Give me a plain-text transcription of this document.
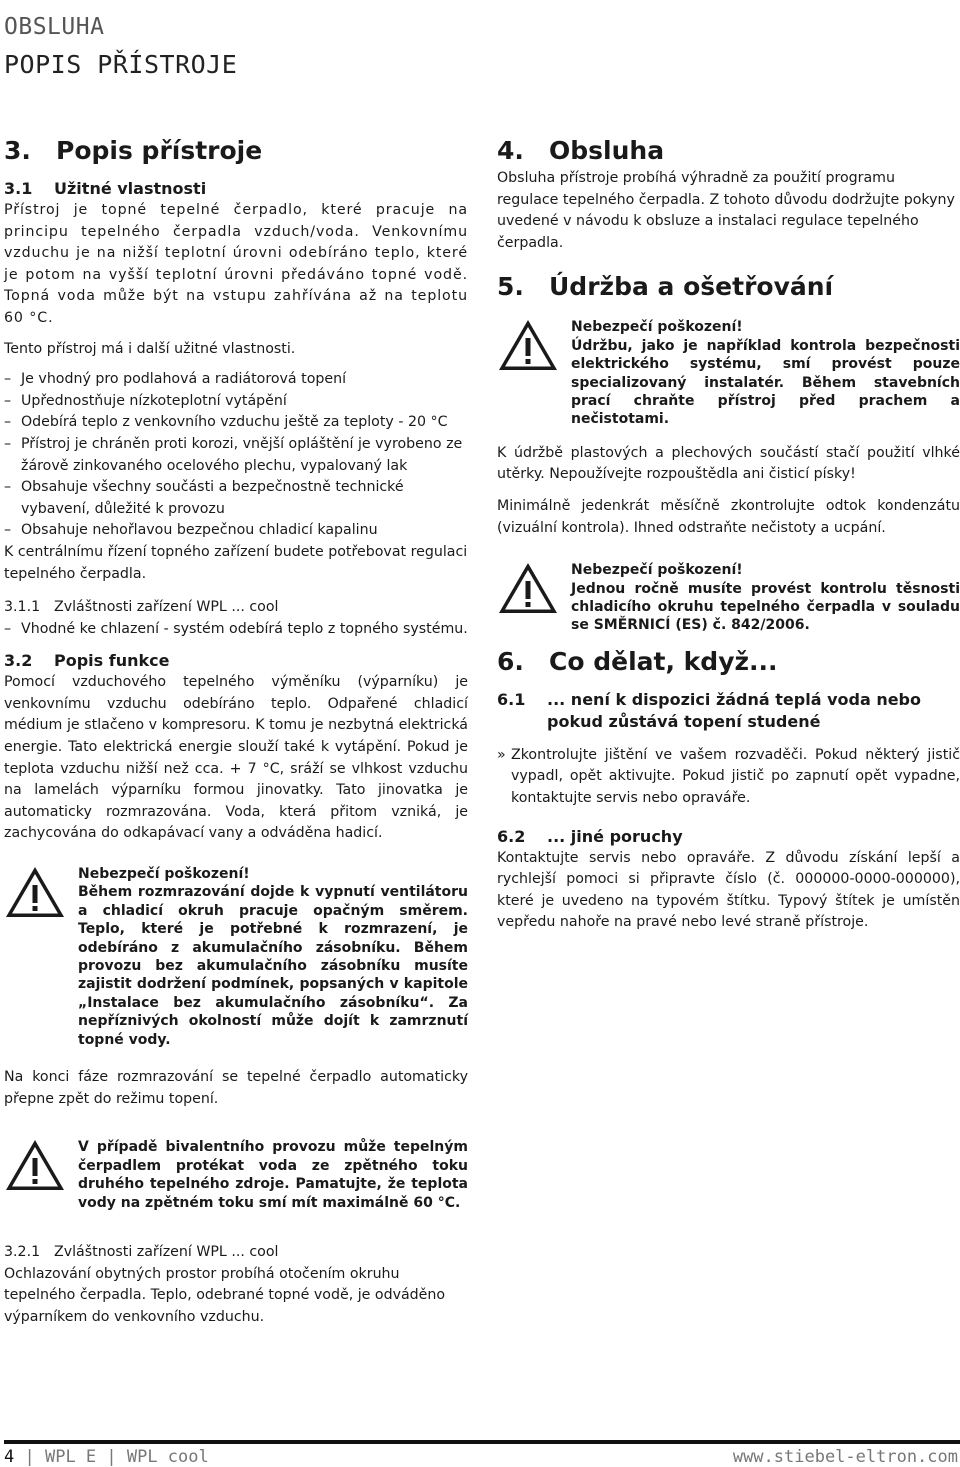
OBSLUHA
POPIS PŘÍSTROJE
3.	Popis přístroje
3.1	Užitné vlastnosti

Přístroj je topné tepelné čerpadlo, které pracuje na principu tepelného čerpadla vzduch/voda. Venkovnímu vzduchu je na nižší teplotní úrovni odebíráno teplo, které je potom na vyšší teplotní úrovni předáváno topné vodě. Topná voda může být na vstupu zahřívána až na teplotu 60 °C.

Tento přístroj má i další užitné vlastnosti.

– Je vhodný pro podlahová a radiátorová topení
– Upřednostňuje nízkoteplotní vytápění
– Odebírá teplo z venkovního vzduchu ještě za teploty - 20 °C
– Přístroj je chráněn proti korozi, vnější opláštění je vyrobeno ze žárově zinkovaného ocelového plechu, vypalovaný lak
– Obsahuje všechny součásti a bezpečnostně technické vybavení, důležité k provozu
– Obsahuje nehořlavou bezpečnou chladicí kapalinu

K centrálnímu řízení topného zařízení budete potřebovat regulaci tepelného čerpadla.

3.1.1 Zvláštnosti zařízení WPL ... cool
– Vhodné ke chlazení - systém odebírá teplo z topného systému.
3.2	Popis funkce

Pomocí vzduchového tepelného výměníku (výparníku) je venkovnímu vzduchu odebíráno teplo. Odpařené chladicí médium je stlačeno v kompresoru. K tomu je nezbytná elektrická energie. Tato elektrická energie slouží také k vytápění. Pokud je teplota vzduchu nižší než cca. + 7 °C, sráží se vlhkost vzduchu na lamelách výparníku formou jinovatky. Tato jinovatka je automaticky rozmrazována. Voda, která přitom vzniká, je zachycována do odkapávací vany a odváděna hadicí.

Nebezpečí poškození!
Během rozmrazování dojde k vypnutí ventilátoru a chladicí okruh pracuje opačným směrem. Teplo, které je potřebné k rozmrazení, je odebíráno z akumulačního zásobníku. Během provozu bez akumulačního zásobníku musíte zajistit dodržení podmínek, popsaných v kapitole „Instalace bez akumulačního zásobníku“. Za nepříznivých okolností může dojít k zamrznutí topné vody.

Na konci fáze rozmrazování se tepelné čerpadlo automaticky přepne zpět do režimu topení.

V případě bivalentního provozu může tepelným čerpadlem protékat voda ze zpětného toku druhého tepelného zdroje. Pamatujte, že teplota vody na zpětném toku smí mít maximálně 60 °C.
3.2.1 Zvláštnosti zařízení WPL ... cool

Ochlazování obytných prostor probíhá otočením okruhu tepelného čerpadla. Teplo, odebrané topné vodě, je odváděno výparníkem do venkovního vzduchu.

4.	Obsluha

Obsluha přístroje probíhá výhradně za použití programu regulace tepelného čerpadla. Z tohoto důvodu dodržujte pokyny uvedené v návodu k obsluze a instalaci regulace tepelného čerpadla.

5.	Údržba a ošetřování
Nebezpečí poškození!
Údržbu, jako je například kontrola bezpečnosti elektrického systému, smí provést pouze specializovaný instalatér. Během stavebních prací chraňte přístroj před prachem a nečistotami.

K údržbě plastových a plechových součástí stačí použití vlhké utěrky. Nepoužívejte rozpouštědla ani čisticí písky!

Minimálně jedenkrát měsíčně zkontrolujte odtok kondenzátu (vizuální kontrola). Ihned odstraňte nečistoty a ucpání.

Nebezpečí poškození!
Jednou ročně musíte provést kontrolu těsnosti chladicího okruhu tepelného čerpadla v souladu se SMĚRNICÍ (ES) č. 842/2006.
6.	Co dělat, když...
6.1	... není k dispozici žádná teplá voda nebo pokud zůstává topení studené

» Zkontrolujte jištění ve vašem rozvaděči. Pokud některý jistič vypadl, opět aktivujte. Pokud jistič po zapnutí opět vypadne, kontaktujte servis nebo opraváře.

6.2	... jiné poruchy

Kontaktujte servis nebo opraváře. Z důvodu získání lepší a rychlejší pomoci si připravte číslo (č. 000000-0000-000000), které je uvedeno na typovém štítku. Typový štítek je umístěn vepředu nahoře na pravé nebo levé straně přístroje.

4 | WPL E | WPL cool	www.stiebel-eltron.com
